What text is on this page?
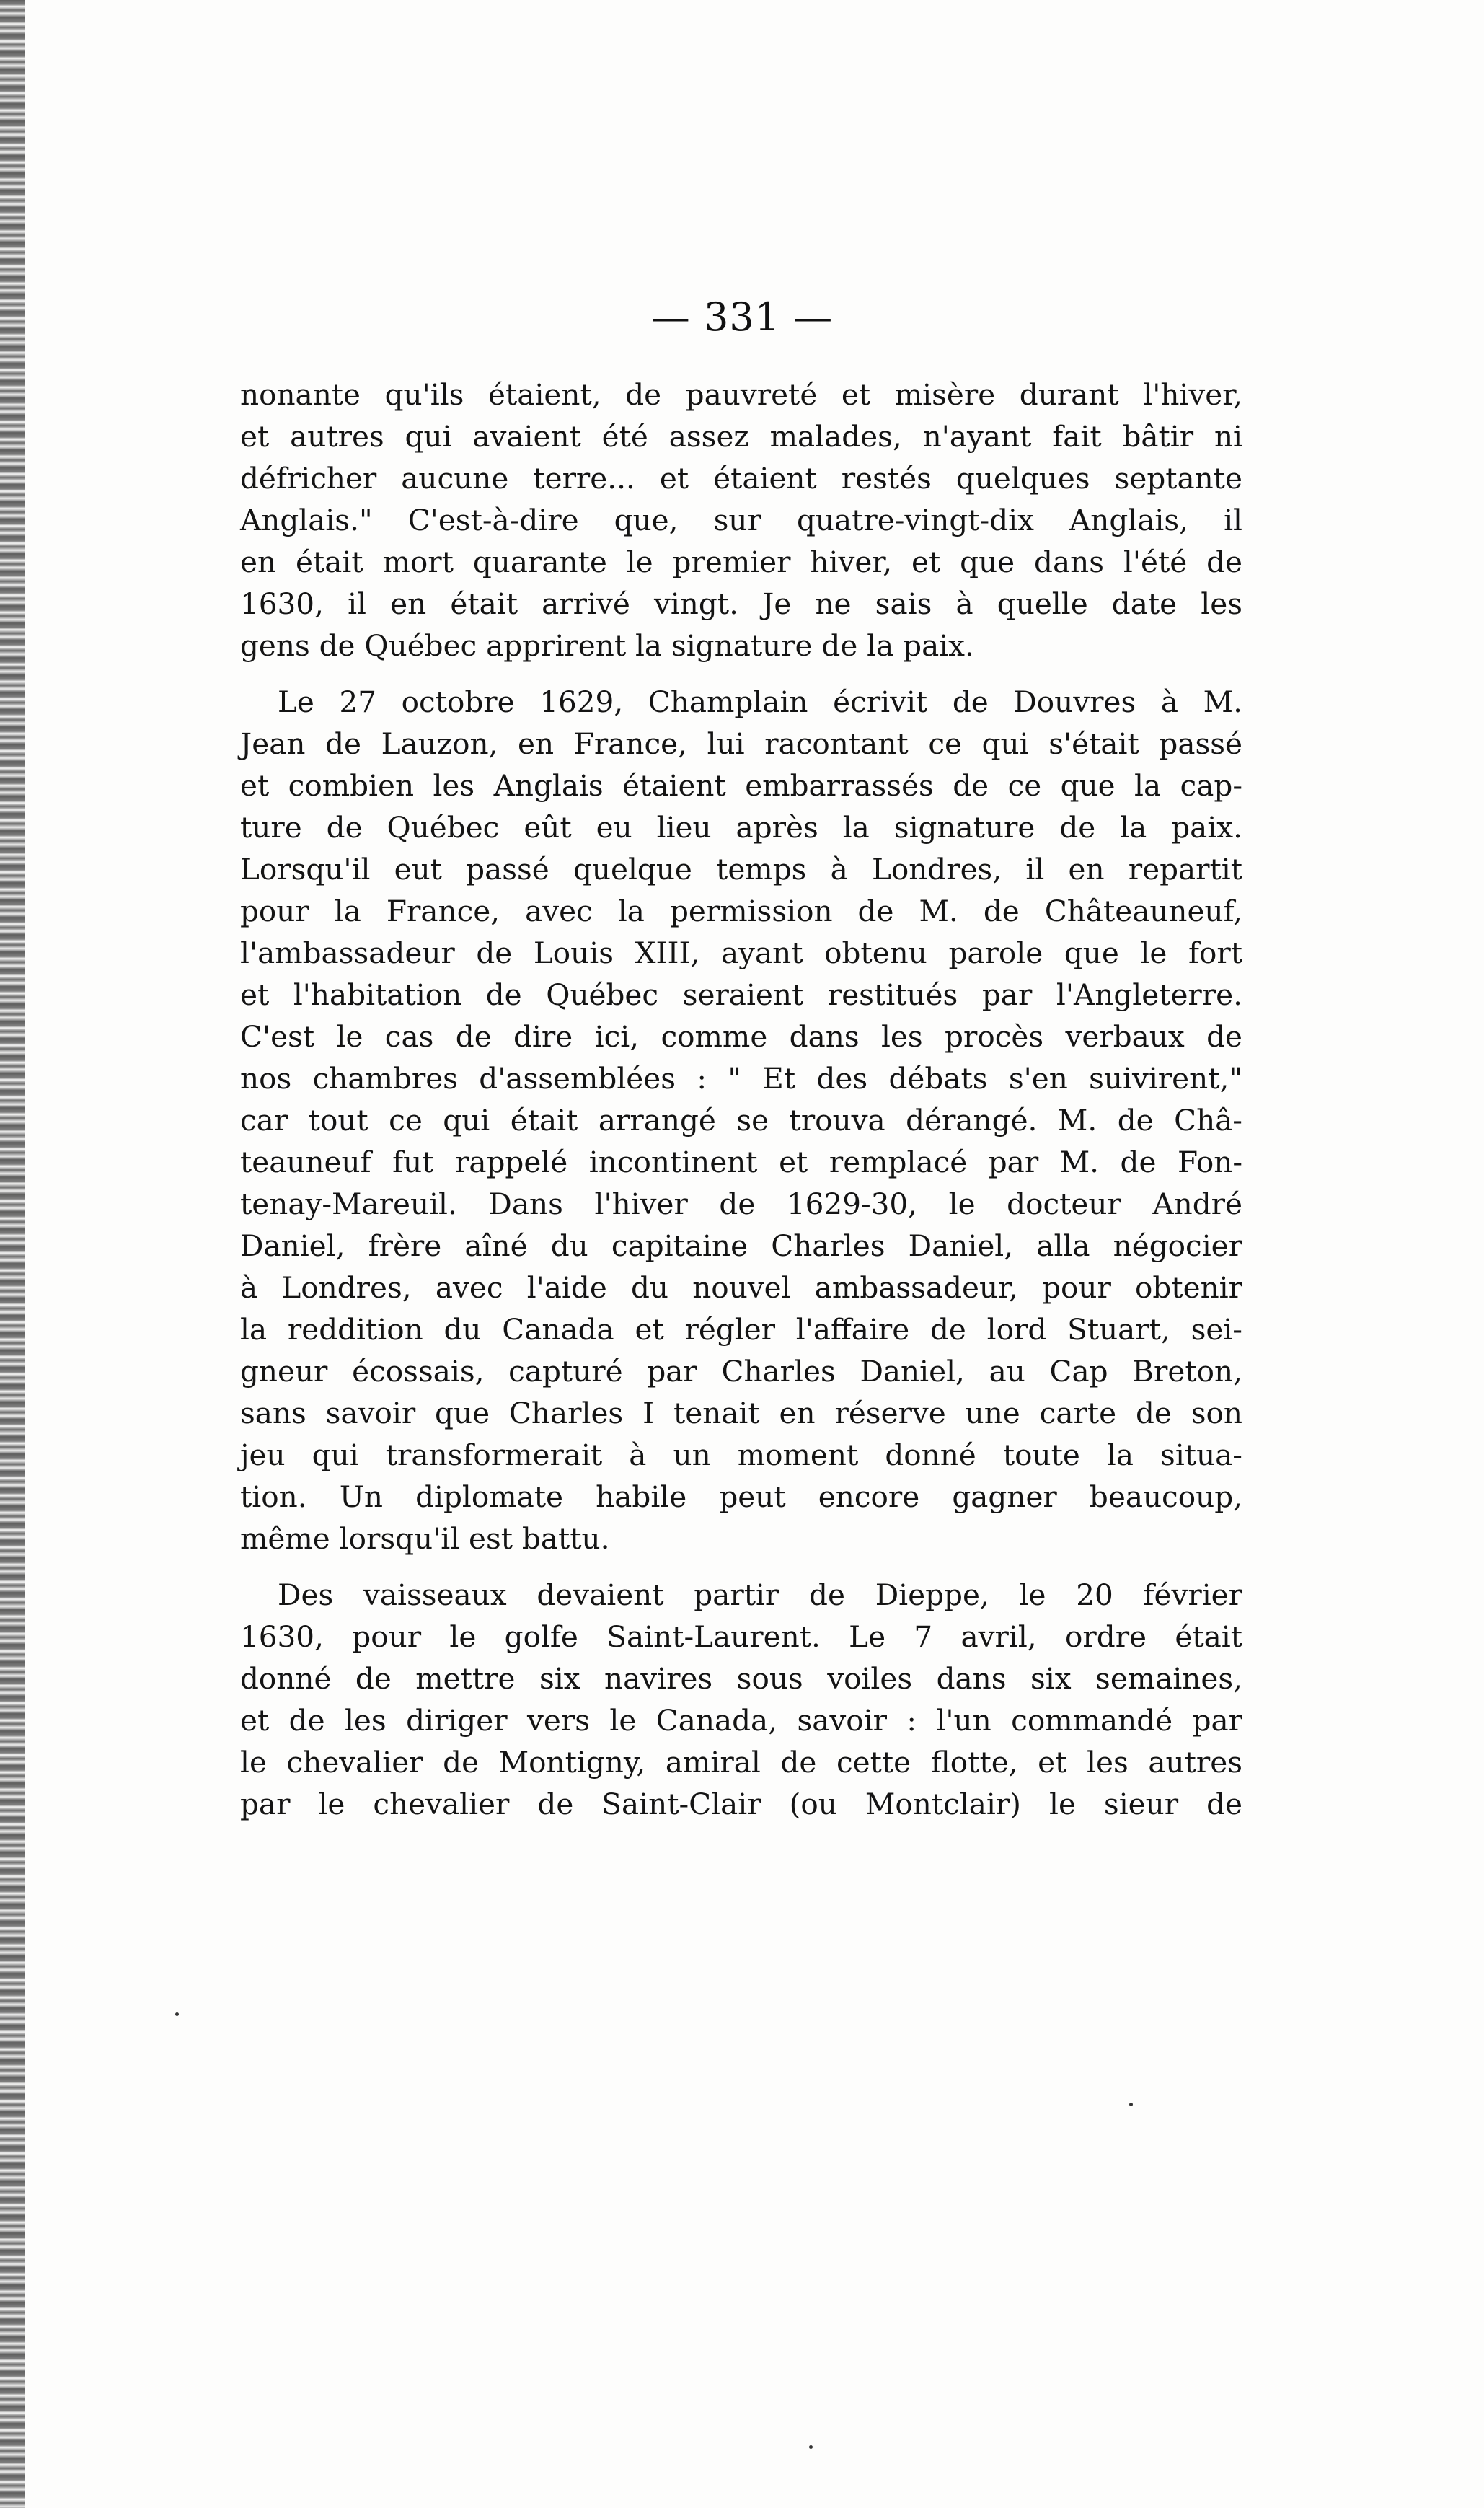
— 331 —
nonante qu'ils étaient, de pauvreté et misère durant l'hiver,
et autres qui avaient été assez malades, n'ayant fait bâtir ni
défricher aucune terre... et étaient restés quelques septante
Anglais." C'est-à-dire que, sur quatre-vingt-dix Anglais, il
en était mort quarante le premier hiver, et que dans l'été de
1630, il en était arrivé vingt. Je ne sais à quelle date les
gens de Québec apprirent la signature de la paix.
Le 27 octobre 1629, Champlain écrivit de Douvres à M.
Jean de Lauzon, en France, lui racontant ce qui s'était passé
et combien les Anglais étaient embarrassés de ce que la cap-
ture de Québec eût eu lieu après la signature de la paix.
Lorsqu'il eut passé quelque temps à Londres, il en repartit
pour la France, avec la permission de M. de Châteauneuf,
l'ambassadeur de Louis XIII, ayant obtenu parole que le fort
et l'habitation de Québec seraient restitués par l'Angleterre.
C'est le cas de dire ici, comme dans les procès verbaux de
nos chambres d'assemblées : " Et des débats s'en suivirent,"
car tout ce qui était arrangé se trouva dérangé. M. de Châ-
teauneuf fut rappelé incontinent et remplacé par M. de Fon-
tenay-Mareuil. Dans l'hiver de 1629-30, le docteur André
Daniel, frère aîné du capitaine Charles Daniel, alla négocier
à Londres, avec l'aide du nouvel ambassadeur, pour obtenir
la reddition du Canada et régler l'affaire de lord Stuart, sei-
gneur écossais, capturé par Charles Daniel, au Cap Breton,
sans savoir que Charles I tenait en réserve une carte de son
jeu qui transformerait à un moment donné toute la situa-
tion. Un diplomate habile peut encore gagner beaucoup,
même lorsqu'il est battu.
Des vaisseaux devaient partir de Dieppe, le 20 février
1630, pour le golfe Saint-Laurent. Le 7 avril, ordre était
donné de mettre six navires sous voiles dans six semaines,
et de les diriger vers le Canada, savoir : l'un commandé par
le chevalier de Montigny, amiral de cette flotte, et les autres
par le chevalier de Saint-Clair (ou Montclair) le sieur de
